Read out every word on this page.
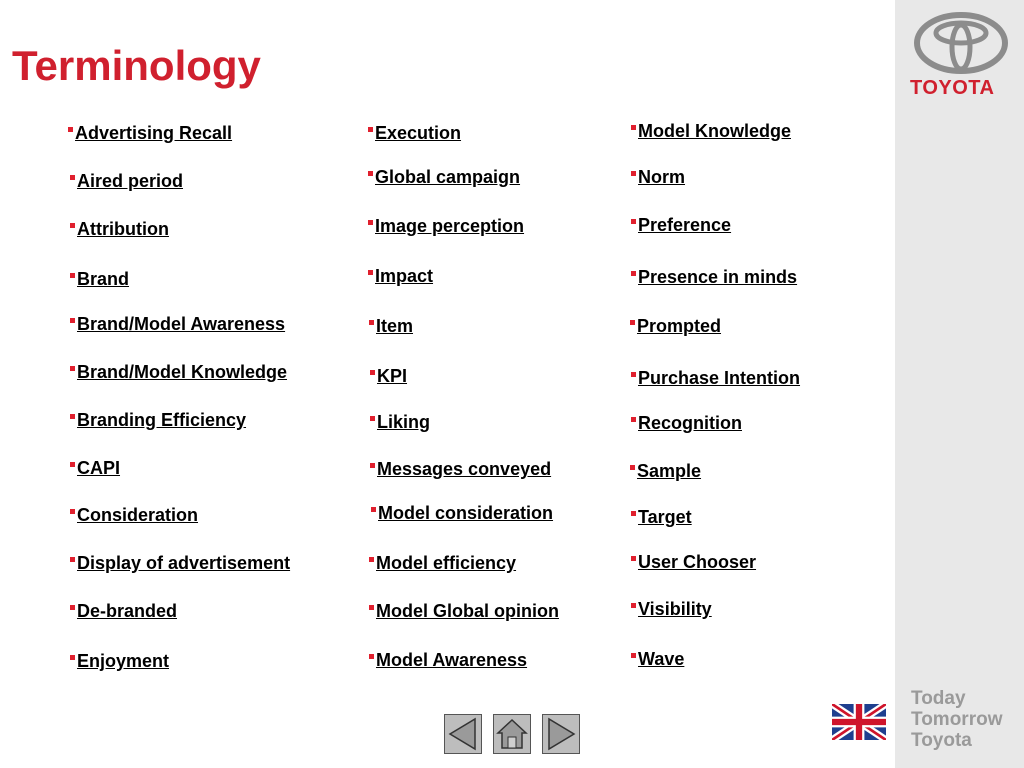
Terminology
Advertising Recall
Aired period
Attribution
Brand
Brand/Model Awareness
Brand/Model Knowledge
Branding Efficiency
CAPI
Consideration
Display of advertisement
De-branded
Enjoyment
Execution
Global campaign
Image perception
Impact
Item
KPI
Liking
Messages conveyed
Model consideration
Model efficiency
Model Global opinion
Model Awareness
Model Knowledge
Norm
Preference
Presence in minds
Prompted
Purchase Intention
Recognition
Sample
Target
User Chooser
Visibility
Wave
TOYOTA
Today
Tomorrow
Toyota
